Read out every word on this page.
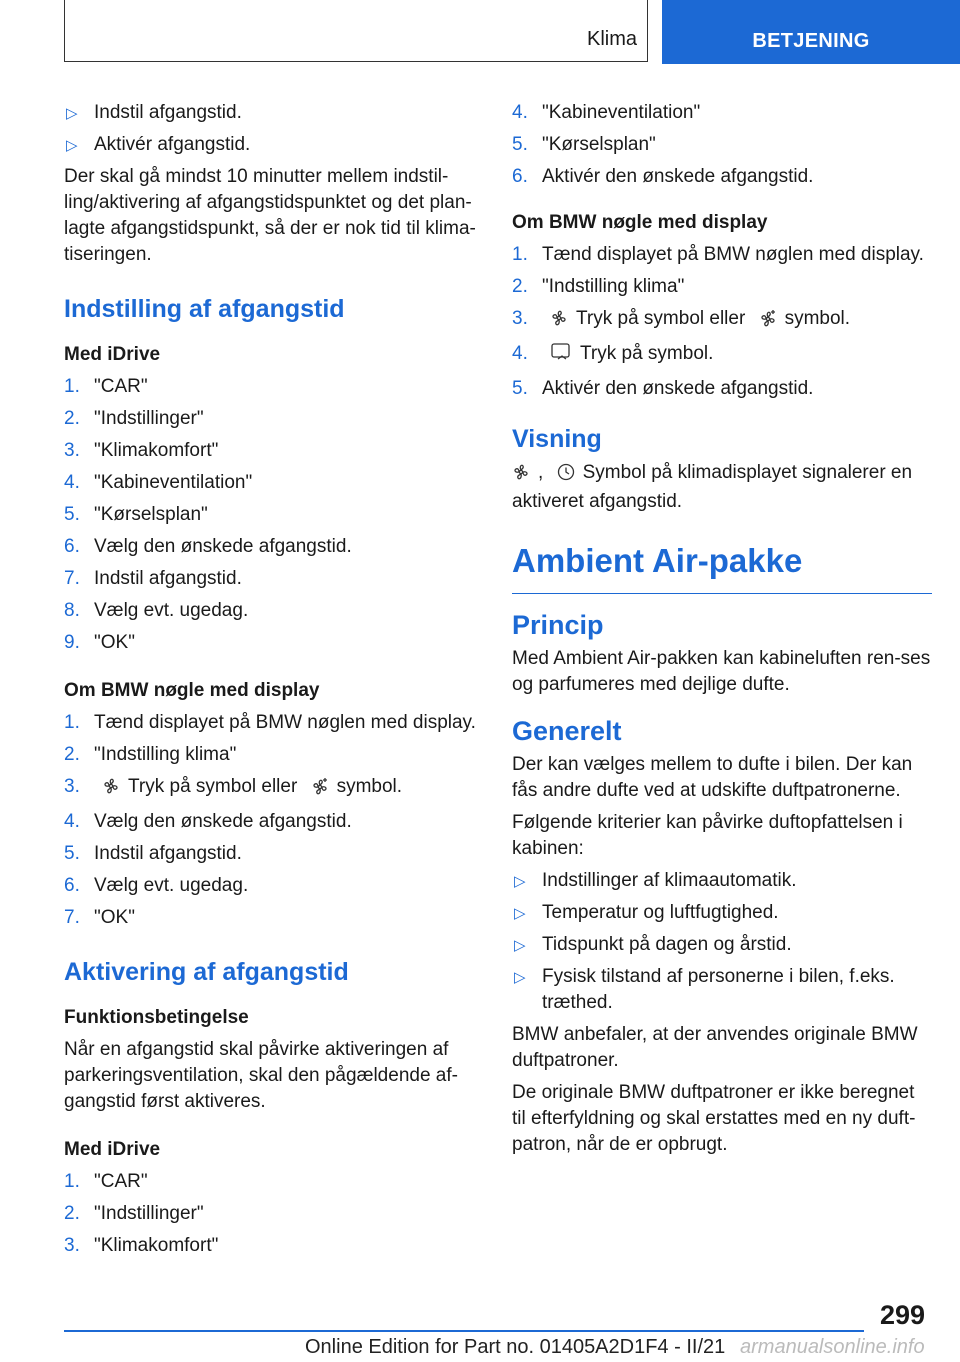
Klima	BETJENING
▷ Indstil afgangstid.
▷ Aktivér afgangstid.

Der skal gå mindst 10 minutter mellem indstil-ling/aktivering af afgangstidspunktet og det plan-lagte afgangstidspunkt, så der er nok tid til klima-tiseringen.

Indstilling af afgangstid
Med iDrive
1. "CAR"
2. "Indstillinger"
3. "Klimakomfort"
4. "Kabineventilation"
5. "Kørselsplan"
6. Vælg den ønskede afgangstid.
7. Indstil afgangstid.
8. Vælg evt. ugedag.
9. "OK"
Om BMW nøgle med display
1. Tænd displayet på BMW nøglen med display.
2. "Indstilling klima"
3.	Tryk på symbol eller symbol.
4. Vælg den ønskede afgangstid.
5. Indstil afgangstid.
6. Vælg evt. ugedag.
7. "OK"
Aktivering af afgangstid
Funktionsbetingelse

Når en afgangstid skal påvirke aktiveringen af parkeringsventilation, skal den pågældende af-gangstid først aktiveres.

Med iDrive
1. "CAR"
2. "Indstillinger"
3. "Klimakomfort"
4. "Kabineventilation"
5. "Kørselsplan"
6. Aktivér den ønskede afgangstid.
Om BMW nøgle med display
1. Tænd displayet på BMW nøglen med display.
2. "Indstilling klima"
3.	Tryk på symbol eller symbol.
4.	Tryk på symbol.
5. Aktivér den ønskede afgangstid.
Visning

, Symbol på klimadisplayet signalerer en aktiveret afgangstid.

Ambient Air-pakke
Princip

Med Ambient Air-pakken kan kabineluften ren-ses og parfumeres med dejlige dufte.

Generelt

Der kan vælges mellem to dufte i bilen. Der kan fås andre dufte ved at udskifte duftpatronerne.

Følgende kriterier kan påvirke duftopfattelsen i kabinen:

▷ Indstillinger af klimaautomatik.
▷ Temperatur og luftfugtighed.
▷ Tidspunkt på dagen og årstid.
▷ Fysisk tilstand af personerne i bilen, f.eks. træthed.

BMW anbefaler, at der anvendes originale BMW duftpatroner.

De originale BMW duftpatroner er ikke beregnet til efterfyldning og skal erstattes med en ny duft-patron, når de er opbrugt.

299
Online Edition for Part no. 01405A2D1F4 - II/21 armanualsonline.info
